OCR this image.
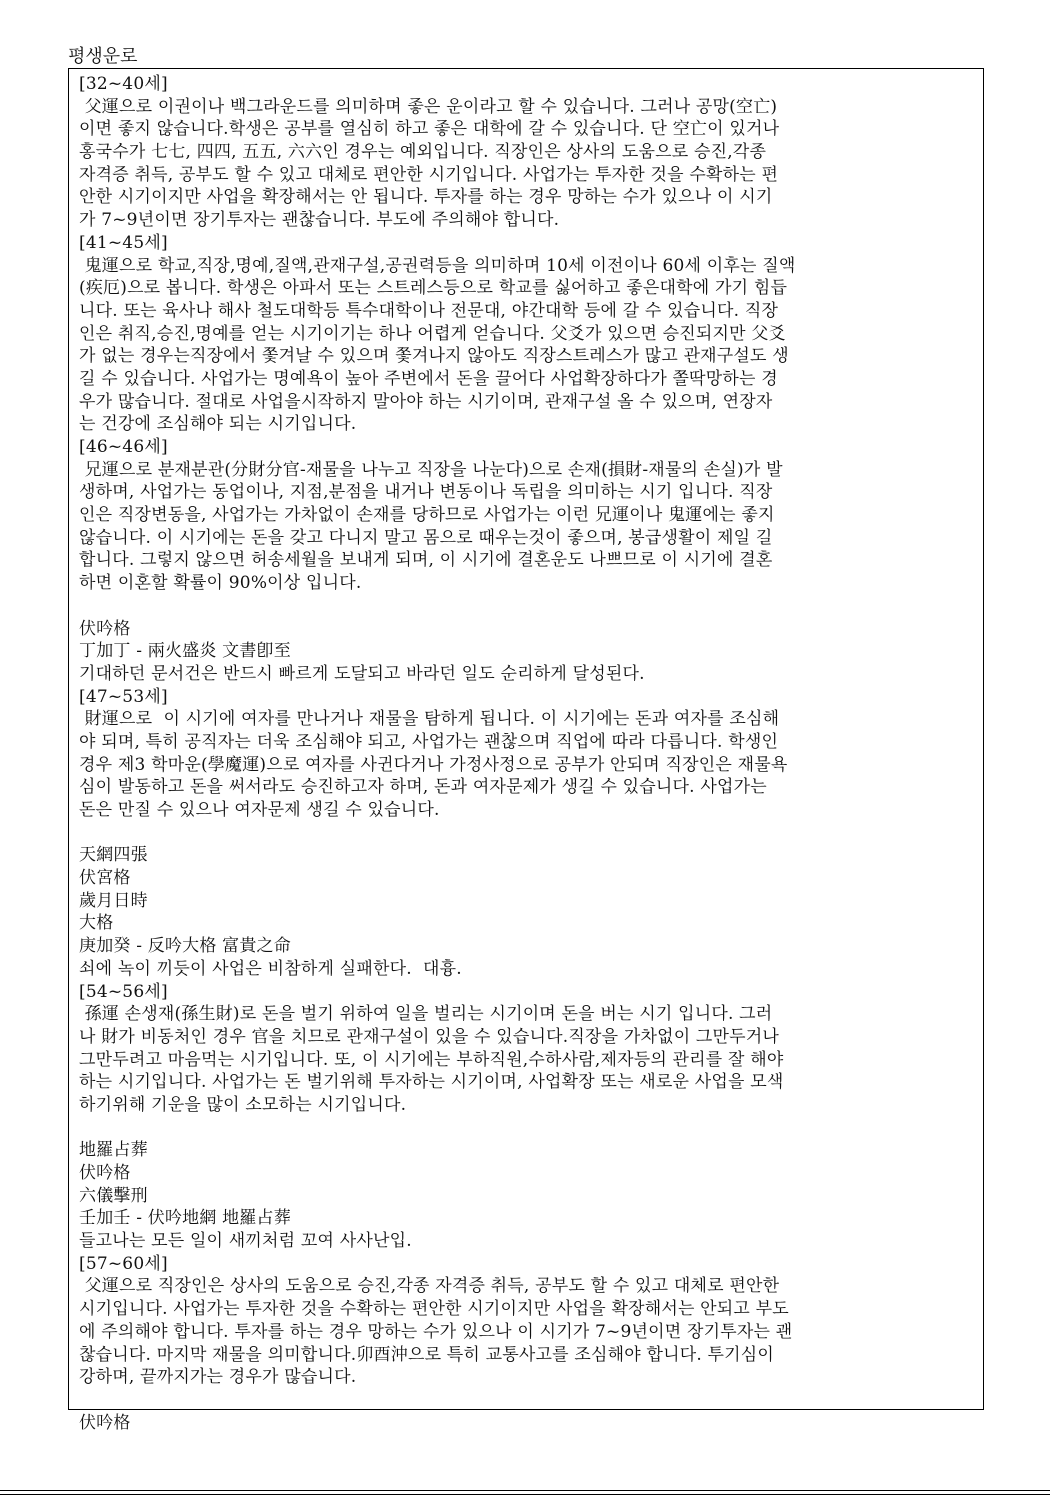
평생운로
[32~40세]
父運으로 이권이나 백그라운드를 의미하며 좋은 운이라고 할 수 있습니다. 그러나 공망(空亡)
이면 좋지 않습니다.학생은 공부를 열심히 하고 좋은 대학에 갈 수 있습니다. 단 空亡이 있거나
홍국수가 七七, 四四, 五五, 六六인 경우는 예외입니다. 직장인은 상사의 도움으로 승진,각종
자격증 취득, 공부도 할 수 있고 대체로 편안한 시기입니다. 사업가는 투자한 것을 수확하는 편
안한 시기이지만 사업을 확장해서는 안 됩니다. 투자를 하는 경우 망하는 수가 있으나 이 시기
가 7~9년이면 장기투자는 괜찮습니다. 부도에 주의해야 합니다.
[41~45세]
鬼運으로 학교,직장,명예,질액,관재구설,공권력등을 의미하며 10세 이전이나 60세 이후는 질액
(疾厄)으로 봅니다. 학생은 아파서 또는 스트레스등으로 학교를 싫어하고 좋은대학에 가기 힘듭
니다. 또는 육사나 해사 철도대학등 특수대학이나 전문대, 야간대학 등에 갈 수 있습니다. 직장
인은 취직,승진,명예를 얻는 시기이기는 하나 어렵게 얻습니다. 父爻가 있으면 승진되지만 父爻
가 없는 경우는직장에서 쫓겨날 수 있으며 쫓겨나지 않아도 직장스트레스가 많고 관재구설도 생
길 수 있습니다. 사업가는 명예욕이 높아 주변에서 돈을 끌어다 사업확장하다가 쫄딱망하는 경
우가 많습니다. 절대로 사업을시작하지 말아야 하는 시기이며, 관재구설 올 수 있으며, 연장자
는 건강에 조심해야 되는 시기입니다.
[46~46세]
兄運으로 분재분관(分財分官-재물을 나누고 직장을 나눈다)으로 손재(損財-재물의 손실)가 발
생하며, 사업가는 동업이나, 지점,분점을 내거나 변동이나 독립을 의미하는 시기 입니다. 직장
인은 직장변동을, 사업가는 가차없이 손재를 당하므로 사업가는 이런 兄運이나 鬼運에는 좋지
않습니다. 이 시기에는 돈을 갖고 다니지 말고 몸으로 때우는것이 좋으며, 봉급생활이 제일 길
합니다. 그렇지 않으면 허송세월을 보내게 되며, 이 시기에 결혼운도 나쁘므로 이 시기에 결혼
하면 이혼할 확률이 90%이상 입니다.
伏吟格
丁加丁 - 兩火盛炎 文書卽至
기대하던 문서건은 반드시 빠르게 도달되고 바라던 일도 순리하게 달성된다.
[47~53세]
財運으로  이 시기에 여자를 만나거나 재물을 탐하게 됩니다. 이 시기에는 돈과 여자를 조심해
야 되며, 특히 공직자는 더욱 조심해야 되고, 사업가는 괜찮으며 직업에 따라 다릅니다. 학생인
경우 제3 학마운(學魔運)으로 여자를 사귄다거나 가정사정으로 공부가 안되며 직장인은 재물욕
심이 발동하고 돈을 써서라도 승진하고자 하며, 돈과 여자문제가 생길 수 있습니다. 사업가는
돈은 만질 수 있으나 여자문제 생길 수 있습니다.
天網四張
伏宮格
歲月日時
大格
庚加癸 - 反吟大格 富貴之命
쇠에 녹이 끼듯이 사업은 비참하게 실패한다.  대흉.
[54~56세]
孫運 손생재(孫生財)로 돈을 벌기 위하여 일을 벌리는 시기이며 돈을 버는 시기 입니다. 그러
나 財가 비동처인 경우 官을 치므로 관재구설이 있을 수 있습니다.직장을 가차없이 그만두거나
그만두려고 마음먹는 시기입니다. 또, 이 시기에는 부하직원,수하사람,제자등의 관리를 잘 해야
하는 시기입니다. 사업가는 돈 벌기위해 투자하는 시기이며, 사업확장 또는 새로운 사업을 모색
하기위해 기운을 많이 소모하는 시기입니다.
地羅占葬
伏吟格
六儀擊刑
壬加壬 - 伏吟地網 地羅占葬
들고나는 모든 일이 새끼처럼 꼬여 사사난입.
[57~60세]
父運으로 직장인은 상사의 도움으로 승진,각종 자격증 취득, 공부도 할 수 있고 대체로 편안한
시기입니다. 사업가는 투자한 것을 수확하는 편안한 시기이지만 사업을 확장해서는 안되고 부도
에 주의해야 합니다. 투자를 하는 경우 망하는 수가 있으나 이 시기가 7~9년이면 장기투자는 괜
찮습니다. 마지막 재물을 의미합니다.卯酉沖으로 특히 교통사고를 조심해야 합니다. 투기심이
강하며, 끝까지가는 경우가 많습니다.
伏吟格
